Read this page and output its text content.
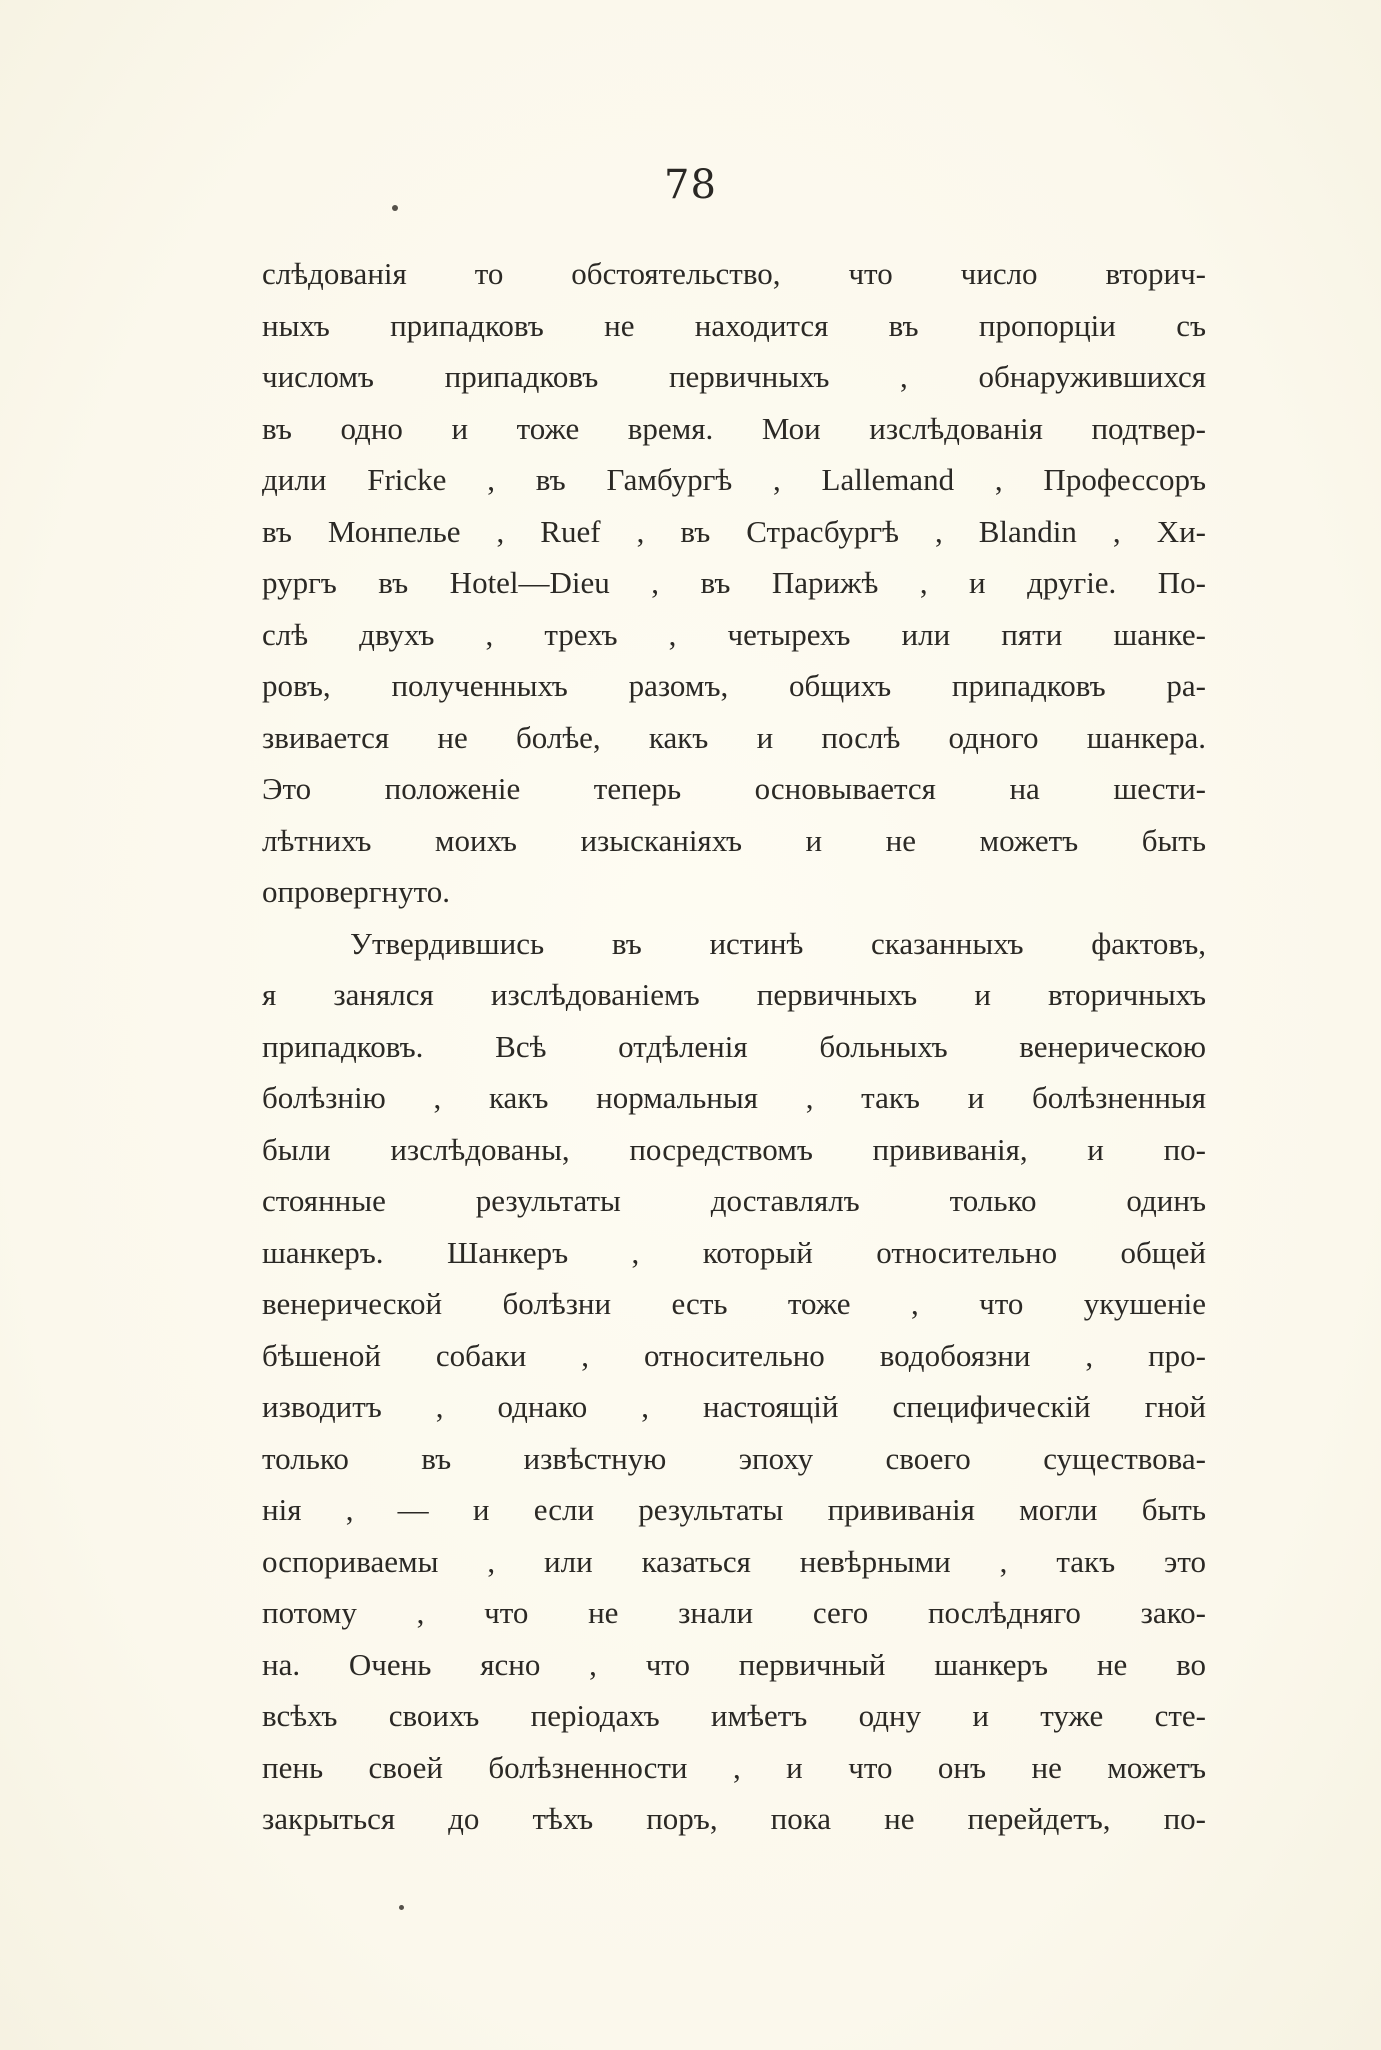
78
слѣдованія то обстоятельство, что число вторич-
ныхъ припадковъ не находится въ пропорціи съ
числомъ припадковъ первичныхъ , обнаружившихся
въ одно и тоже время. Мои изслѣдованія подтвер-
дили Fricke , въ Гамбургѣ , Lallemand , Профессоръ
въ Монпелье , Ruef , въ Страсбургѣ , Blandin , Хи-
рургъ въ Hotel—Dieu , въ Парижѣ , и другіе. По-
слѣ двухъ , трехъ , четырехъ или пяти шанке-
ровъ, полученныхъ разомъ, общихъ припадковъ ра-
звивается не болѣе, какъ и послѣ одного шанкера.
Это положеніе теперь основывается на шести-
лѣтнихъ моихъ изысканіяхъ и не можетъ быть
опровергнуто.
Утвердившись въ истинѣ сказанныхъ фактовъ,
я занялся изслѣдованіемъ первичныхъ и вторичныхъ
припадковъ. Всѣ отдѣленія больныхъ венерическою
болѣзнію , какъ нормальныя , такъ и болѣзненныя
были изслѣдованы, посредствомъ прививанія, и по-
стоянные результаты доставлялъ только одинъ
шанкеръ. Шанкеръ , который относительно общей
венерической болѣзни есть тоже , что укушеніе
бѣшеной собаки , относительно водобоязни , про-
изводитъ , однако , настоящій специфическій гной
только въ извѣстную эпоху своего существова-
нія , — и если результаты прививанія могли быть
оспориваемы , или казаться невѣрными , такъ это
потому , что не знали сего послѣдняго зако-
на. Очень ясно , что первичный шанкеръ не во
всѣхъ своихъ періодахъ имѣетъ одну и туже сте-
пень своей болѣзненности , и что онъ не можетъ
закрыться до тѣхъ поръ, пока не перейдетъ, по-
